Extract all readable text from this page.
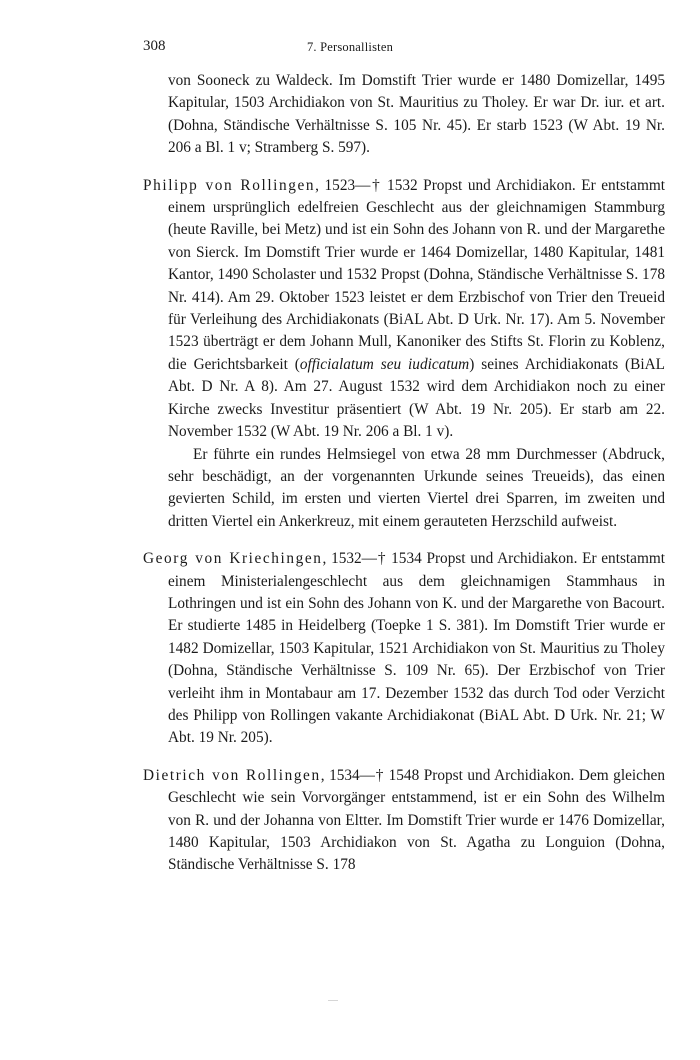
308	7. Personallisten

von Sooneck zu Waldeck. Im Domstift Trier wurde er 1480 Domizellar, 1495 Kapitular, 1503 Archidiakon von St. Mauritius zu Tholey. Er war Dr. iur. et art. (Dohna, Ständische Verhältnisse S. 105 Nr. 45). Er starb 1523 (W Abt. 19 Nr. 206 a Bl. 1 v; Stramberg S. 597).

Philipp von Rollingen, 1523—† 1532 Propst und Archidiakon. Er entstammt einem ursprünglich edelfreien Geschlecht aus der gleichnamigen Stammburg (heute Raville, bei Metz) und ist ein Sohn des Johann von R. und der Margarethe von Sierck. Im Domstift Trier wurde er 1464 Domizellar, 1480 Kapitular, 1481 Kantor, 1490 Scholaster und 1532 Propst (Dohna, Ständische Verhältnisse S. 178 Nr. 414). Am 29. Oktober 1523 leistet er dem Erzbischof von Trier den Treueid für Verleihung des Archidiakonats (BiAL Abt. D Urk. Nr. 17). Am 5. November 1523 überträgt er dem Johann Mull, Kanoniker des Stifts St. Florin zu Koblenz, die Gerichtsbarkeit (officialatum seu iudicatum) seines Archidiakonats (BiAL Abt. D Nr. A 8). Am 27. August 1532 wird dem Archidiakon noch zu einer Kirche zwecks Investitur präsentiert (W Abt. 19 Nr. 205). Er starb am 22. November 1532 (W Abt. 19 Nr. 206 a Bl. 1 v).

Er führte ein rundes Helmsiegel von etwa 28 mm Durchmesser (Abdruck, sehr beschädigt, an der vorgenannten Urkunde seines Treueids), das einen gevierten Schild, im ersten und vierten Viertel drei Sparren, im zweiten und dritten Viertel ein Ankerkreuz, mit einem gerauteten Herzschild aufweist.

Georg von Kriechingen, 1532—† 1534 Propst und Archidiakon. Er entstammt einem Ministerialengeschlecht aus dem gleichnamigen Stammhaus in Lothringen und ist ein Sohn des Johann von K. und der Margarethe von Bacourt. Er studierte 1485 in Heidelberg (Toepke 1 S. 381). Im Domstift Trier wurde er 1482 Domizellar, 1503 Kapitular, 1521 Archidiakon von St. Mauritius zu Tholey (Dohna, Ständische Verhältnisse S. 109 Nr. 65). Der Erzbischof von Trier verleiht ihm in Montabaur am 17. Dezember 1532 das durch Tod oder Verzicht des Philipp von Rollingen vakante Archidiakonat (BiAL Abt. D Urk. Nr. 21; W Abt. 19 Nr. 205).

Dietrich von Rollingen, 1534—† 1548 Propst und Archidiakon. Dem gleichen Geschlecht wie sein Vorvorgänger entstammend, ist er ein Sohn des Wilhelm von R. und der Johanna von Eltter. Im Domstift Trier wurde er 1476 Domizellar, 1480 Kapitular, 1503 Archidiakon von St. Agatha zu Longuion (Dohna, Ständische Verhältnisse S. 178
